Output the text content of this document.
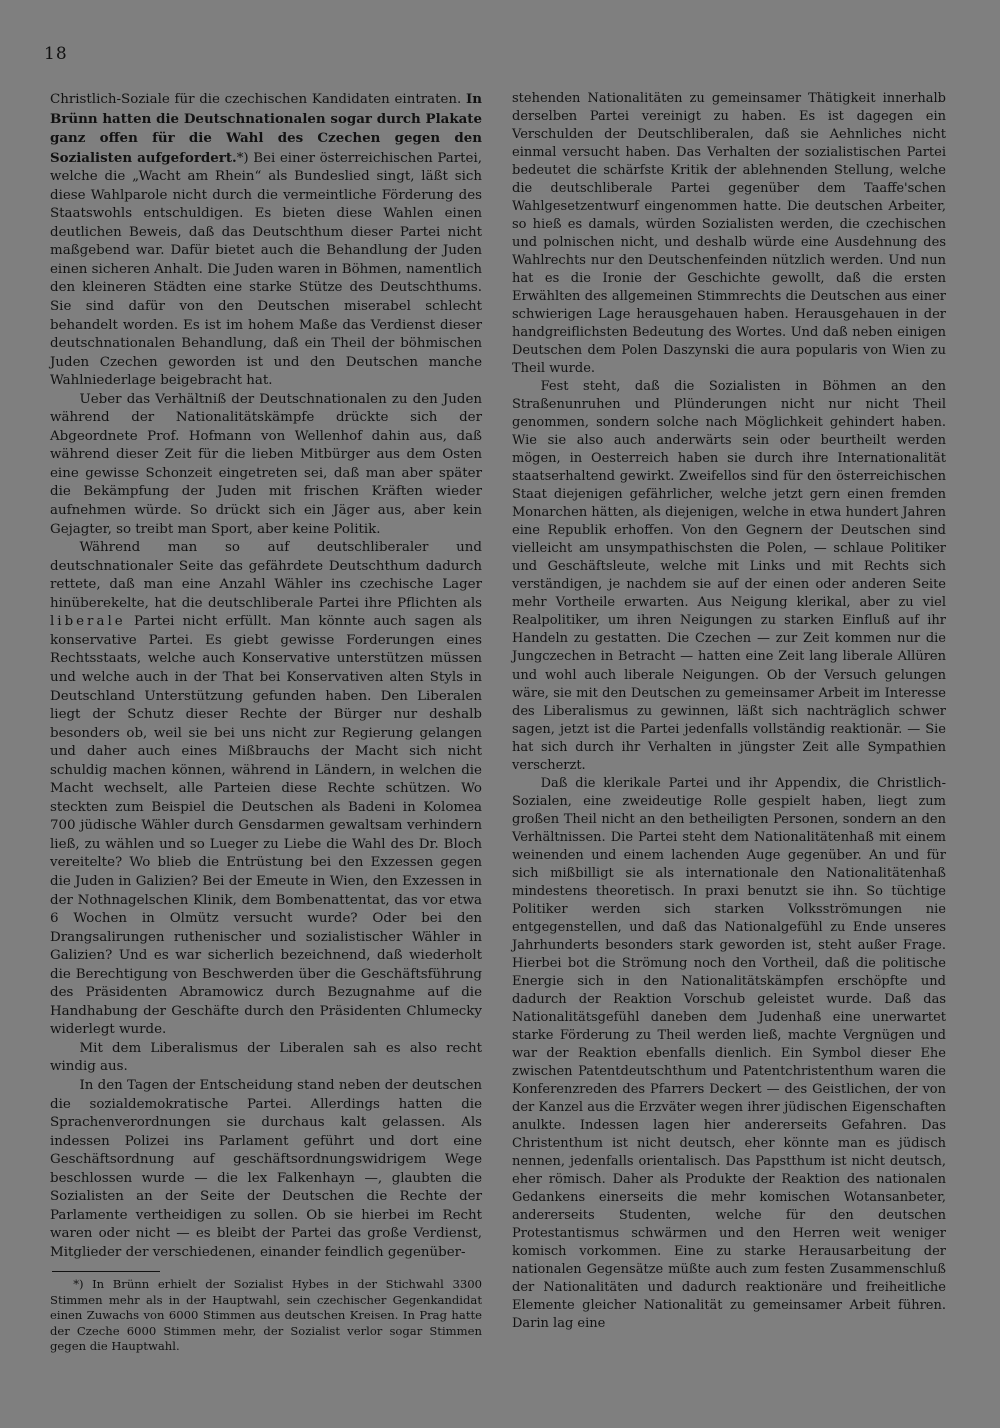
18

Christlich-Soziale für die czechischen Kandidaten eintraten. In Brünn hatten die Deutschnationalen sogar durch Plakate ganz offen für die Wahl des Czechen gegen den Sozialisten aufgefordert.*) Bei einer österreichischen Partei, welche die „Wacht am Rhein“ als Bundeslied singt, läßt sich diese Wahlparole nicht durch die vermeintliche Förderung des Staatswohls entschuldigen. Es bieten diese Wahlen einen deutlichen Beweis, daß das Deutschthum dieser Partei nicht maßgebend war. Dafür bietet auch die Behandlung der Juden einen sicheren Anhalt. Die Juden waren in Böhmen, namentlich den kleineren Städten eine starke Stütze des Deutschthums. Sie sind dafür von den Deutschen miserabel schlecht behandelt worden. Es ist im hohem Maße das Verdienst dieser deutschnationalen Behandlung, daß ein Theil der böhmischen Juden Czechen geworden ist und den Deutschen manche Wahlniederlage beigebracht hat.

Ueber das Verhältniß der Deutschnationalen zu den Juden während der Nationalitätskämpfe drückte sich der Abgeordnete Prof. Hofmann von Wellenhof dahin aus, daß während dieser Zeit für die lieben Mitbürger aus dem Osten eine gewisse Schonzeit eingetreten sei, daß man aber später die Bekämpfung der Juden mit frischen Kräften wieder aufnehmen würde. So drückt sich ein Jäger aus, aber kein Gejagter, so treibt man Sport, aber keine Politik.

Während man so auf deutschliberaler und deutschnationaler Seite das gefährdete Deutschthum dadurch rettete, daß man eine Anzahl Wähler ins czechische Lager hinüberekelte, hat die deutschliberale Partei ihre Pflichten als liberale Partei nicht erfüllt. Man könnte auch sagen als konservative Partei. Es giebt gewisse Forderungen eines Rechtsstaats, welche auch Konservative unterstützen müssen und welche auch in der That bei Konservativen alten Styls in Deutschland Unterstützung gefunden haben. Den Liberalen liegt der Schutz dieser Rechte der Bürger nur deshalb besonders ob, weil sie bei uns nicht zur Regierung gelangen und daher auch eines Mißbrauchs der Macht sich nicht schuldig machen können, während in Ländern, in welchen die Macht wechselt, alle Parteien diese Rechte schützen. Wo steckten zum Beispiel die Deutschen als Badeni in Kolomea 700 jüdische Wähler durch Gensdarmen gewaltsam verhindern ließ, zu wählen und so Lueger zu Liebe die Wahl des Dr. Bloch vereitelte? Wo blieb die Entrüstung bei den Exzessen gegen die Juden in Galizien? Bei der Emeute in Wien, den Exzessen in der Nothnagelschen Klinik, dem Bombenattentat, das vor etwa 6 Wochen in Olmütz versucht wurde? Oder bei den Drangsalirungen ruthenischer und sozialistischer Wähler in Galizien? Und es war sicherlich bezeichnend, daß wiederholt die Berechtigung von Beschwerden über die Geschäftsführung des Präsidenten Abramowicz durch Bezugnahme auf die Handhabung der Geschäfte durch den Präsidenten Chlumecky widerlegt wurde.

Mit dem Liberalismus der Liberalen sah es also recht windig aus.

In den Tagen der Entscheidung stand neben der deutschen die sozialdemokratische Partei. Allerdings hatten die Sprachenverordnungen sie durchaus kalt gelassen. Als indessen Polizei ins Parlament geführt und dort eine Geschäftsordnung auf geschäftsordnungswidrigem Wege beschlossen wurde — die lex Falkenhayn —, glaubten die Sozialisten an der Seite der Deutschen die Rechte der Parlamente vertheidigen zu sollen. Ob sie hierbei im Recht waren oder nicht — es bleibt der Partei das große Verdienst, Mitglieder der verschiedenen, einander feindlich gegenüber-

*) In Brünn erhielt der Sozialist Hybes in der Stichwahl 3300 Stimmen mehr als in der Hauptwahl, sein czechischer Gegenkandidat einen Zuwachs von 6000 Stimmen aus deutschen Kreisen. In Prag hatte der Czeche 6000 Stimmen mehr, der Sozialist verlor sogar Stimmen gegen die Hauptwahl.

stehenden Nationalitäten zu gemeinsamer Thätigkeit innerhalb derselben Partei vereinigt zu haben. Es ist dagegen ein Verschulden der Deutschliberalen, daß sie Aehnliches nicht einmal versucht haben. Das Verhalten der sozialistischen Partei bedeutet die schärfste Kritik der ablehnenden Stellung, welche die deutschliberale Partei gegenüber dem Taaffe'schen Wahlgesetzentwurf eingenommen hatte. Die deutschen Arbeiter, so hieß es damals, würden Sozialisten werden, die czechischen und polnischen nicht, und deshalb würde eine Ausdehnung des Wahlrechts nur den Deutschenfeinden nützlich werden. Und nun hat es die Ironie der Geschichte gewollt, daß die ersten Erwählten des allgemeinen Stimmrechts die Deutschen aus einer schwierigen Lage herausgehauen haben. Herausgehauen in der handgreiflichsten Bedeutung des Wortes. Und daß neben einigen Deutschen dem Polen Daszynski die aura popularis von Wien zu Theil wurde.

Fest steht, daß die Sozialisten in Böhmen an den Straßenunruhen und Plünderungen nicht nur nicht Theil genommen, sondern solche nach Möglichkeit gehindert haben. Wie sie also auch anderwärts sein oder beurtheilt werden mögen, in Oesterreich haben sie durch ihre Internationalität staatserhaltend gewirkt. Zweifellos sind für den österreichischen Staat diejenigen gefährlicher, welche jetzt gern einen fremden Monarchen hätten, als diejenigen, welche in etwa hundert Jahren eine Republik erhoffen. Von den Gegnern der Deutschen sind vielleicht am unsympathischsten die Polen, — schlaue Politiker und Geschäftsleute, welche mit Links und mit Rechts sich verständigen, je nachdem sie auf der einen oder anderen Seite mehr Vortheile erwarten. Aus Neigung klerikal, aber zu viel Realpolitiker, um ihren Neigungen zu starken Einfluß auf ihr Handeln zu gestatten. Die Czechen — zur Zeit kommen nur die Jungczechen in Betracht — hatten eine Zeit lang liberale Allüren und wohl auch liberale Neigungen. Ob der Versuch gelungen wäre, sie mit den Deutschen zu gemeinsamer Arbeit im Interesse des Liberalismus zu gewinnen, läßt sich nachträglich schwer sagen, jetzt ist die Partei jedenfalls vollständig reaktionär. — Sie hat sich durch ihr Verhalten in jüngster Zeit alle Sympathien verscherzt.

Daß die klerikale Partei und ihr Appendix, die Christlich-Sozialen, eine zweideutige Rolle gespielt haben, liegt zum großen Theil nicht an den betheiligten Personen, sondern an den Verhältnissen. Die Partei steht dem Nationalitätenhaß mit einem weinenden und einem lachenden Auge gegenüber. An und für sich mißbilligt sie als internationale den Nationalitätenhaß mindestens theoretisch. In praxi benutzt sie ihn. So tüchtige Politiker werden sich starken Volksströmungen nie entgegenstellen, und daß das Nationalgefühl zu Ende unseres Jahrhunderts besonders stark geworden ist, steht außer Frage. Hierbei bot die Strömung noch den Vortheil, daß die politische Energie sich in den Nationalitätskämpfen erschöpfte und dadurch der Reaktion Vorschub geleistet wurde. Daß das Nationalitätsgefühl daneben dem Judenhaß eine unerwartet starke Förderung zu Theil werden ließ, machte Vergnügen und war der Reaktion ebenfalls dienlich. Ein Symbol dieser Ehe zwischen Patentdeutschthum und Patentchristenthum waren die Konferenzreden des Pfarrers Deckert — des Geistlichen, der von der Kanzel aus die Erzväter wegen ihrer jüdischen Eigenschaften anulkte. Indessen lagen hier andererseits Gefahren. Das Christenthum ist nicht deutsch, eher könnte man es jüdisch nennen, jedenfalls orientalisch. Das Papstthum ist nicht deutsch, eher römisch. Daher als Produkte der Reaktion des nationalen Gedankens einerseits die mehr komischen Wotansanbeter, andererseits Studenten, welche für den deutschen Protestantismus schwärmen und den Herren weit weniger komisch vorkommen. Eine zu starke Herausarbeitung der nationalen Gegensätze müßte auch zum festen Zusammenschluß der Nationalitäten und dadurch reaktionäre und freiheitliche Elemente gleicher Nationalität zu gemeinsamer Arbeit führen. Darin lag eine
